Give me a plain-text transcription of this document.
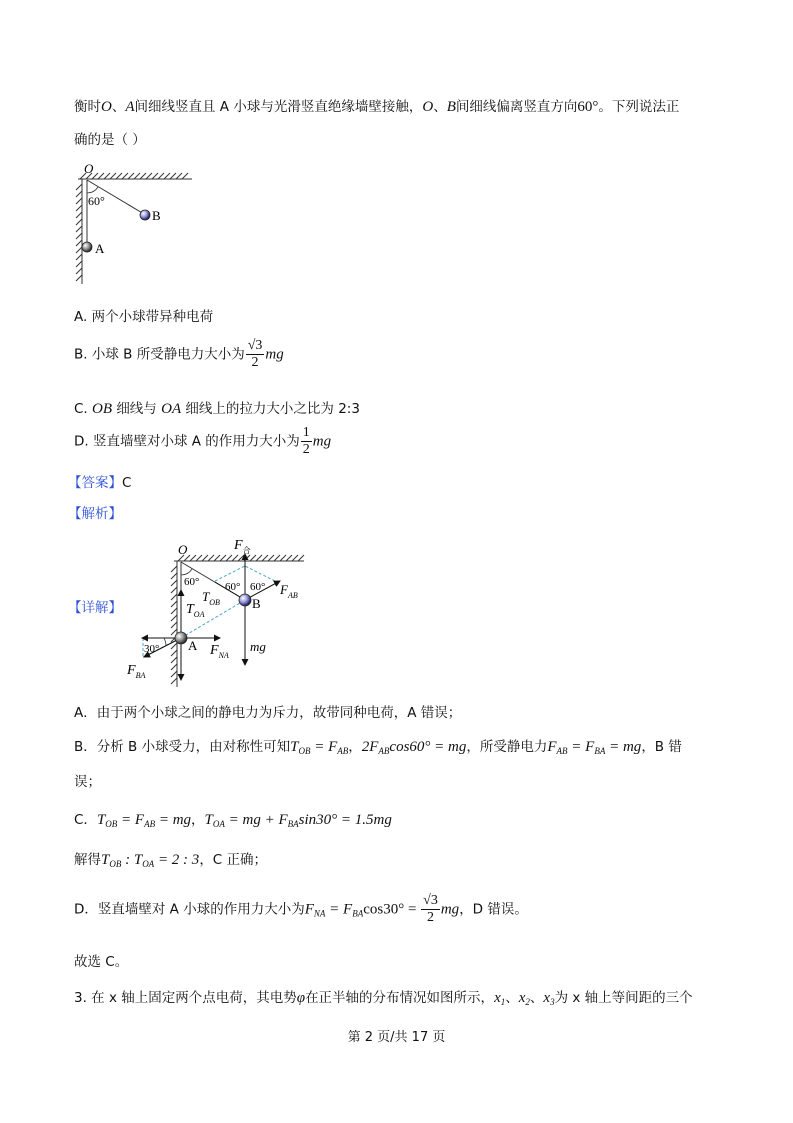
衡时O、A间细线竖直且 A 小球与光滑竖直绝缘墙壁接触，O、B间细线偏离竖直方向60°。下列说法正
确的是（ ）
O
60°
B
A
A. 两个小球带异种电荷
B. 小球 B 所受静电力大小为 $\frac{√3}{2}$ mg
C. OB 细线与 OA 细线上的拉力大小之比为 2:3
D. 竖直墙壁对小球 A 的作用力大小为 $\frac{1}{2}$ mg
【答案】C
【解析】
【详解】
O	$F_合$
60°
$T_{OB}$
60° 60° $F_{AB}$
B
$T_{OA}$
30° A $F_{NA}$
mg
$F_{BA}$
A．由于两个小球之间的静电力为斥力，故带同种电荷，A 错误；
B．分析 B 小球受力，由对称性可知$T_{OB} = F_{AB}$，$2F_{AB}\cos 60^\circ$ = mg，所受静电力$F_{AB} = F_{BA}$ = mg，B 错
误；
C．$T_{OB} = F_{AB}$ = mg，$T_{OA}$ = mg + $F_{BA}\sin 30^\circ = 1.5mg$
解得$T_{OB}$ : $T_{OA} = 2$ : 3，C 正确；
D．竖直墙壁对 A 小球的作用力大小为$F_{NA} = F_{BA}\cos 30^\circ = \frac{√3}{2}$ mg，D 错误。
故选 C。
3. 在 x 轴上固定两个点电荷，其电势φ在正半轴的分布情况如图所示，$x_1$、$x_2$、$x_3$为 x 轴上等间距的三个
第 2 页/共 17 页
